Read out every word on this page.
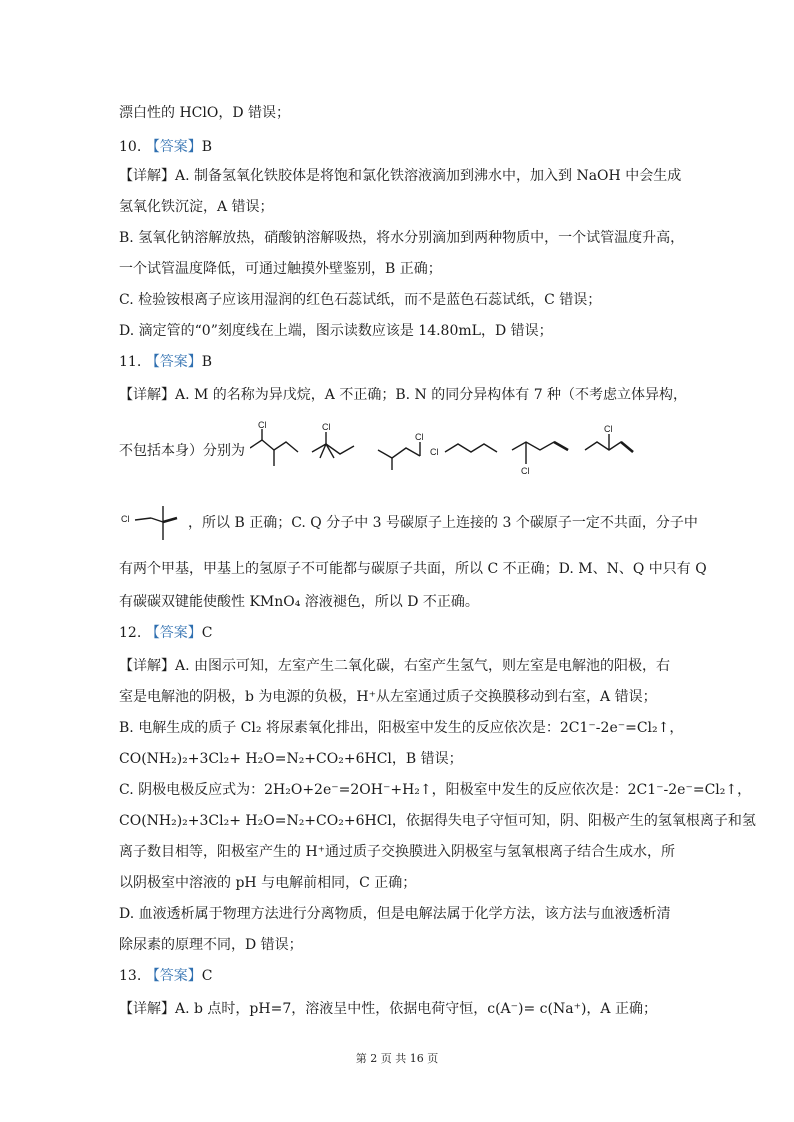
漂白性的 HClO，D 错误；
10. 【答案】B
【详解】A. 制备氢氧化铁胶体是将饱和氯化铁溶液滴加到沸水中，加入到 NaOH 中会生成
氢氧化铁沉淀，A 错误；
B. 氢氧化钠溶解放热，硝酸钠溶解吸热，将水分别滴加到两种物质中，一个试管温度升高，
一个试管温度降低，可通过触摸外壁鉴别，B 正确；
C. 检验铵根离子应该用湿润的红色石蕊试纸，而不是蓝色石蕊试纸，C 错误；
D. 滴定管的“0”刻度线在上端，图示读数应该是 14.80mL，D 错误；
11. 【答案】B
【详解】A. M 的名称为异戊烷，A 不正确；B. N 的同分异构体有 7 种（不考虑立体异构，
不包括本身）分别为
Cl	Cl
Cl
Cl
Cl
Cl
Cl	，所以 B 正确；C. Q 分子中 3 号碳原子上连接的 3 个碳原子一定不共面，分子中
有两个甲基，甲基上的氢原子不可能都与碳原子共面，所以 C 不正确；D. M、N、Q 中只有 Q
有碳碳双键能使酸性 KMnO₄ 溶液褪色，所以 D 不正确。
12. 【答案】C
【详解】A. 由图示可知，左室产生二氧化碳，右室产生氢气，则左室是电解池的阳极，右
室是电解池的阴极，b 为电源的负极，H⁺从左室通过质子交换膜移动到右室，A 错误；
B. 电解生成的质子 Cl₂ 将尿素氧化排出，阳极室中发生的反应依次是：2C1⁻-2e⁻=Cl₂↑，
CO(NH₂)₂+3Cl₂+ H₂O=N₂+CO₂+6HCl，B 错误；
C. 阴极电极反应式为：2H₂O+2e⁻=2OH⁻+H₂↑，阳极室中发生的反应依次是：2C1⁻-2e⁻=Cl₂↑，
CO(NH₂)₂+3Cl₂+ H₂O=N₂+CO₂+6HCl，依据得失电子守恒可知，阴、阳极产生的氢氧根离子和氢
离子数目相等，阳极室产生的 H⁺通过质子交换膜进入阴极室与氢氧根离子结合生成水，所
以阴极室中溶液的 pH 与电解前相同，C 正确；
D. 血液透析属于物理方法进行分离物质，但是电解法属于化学方法，该方法与血液透析清
除尿素的原理不同，D 错误；
13. 【答案】C
【详解】A. b 点时，pH=7，溶液呈中性，依据电荷守恒，c(A⁻)= c(Na⁺)，A 正确；
第 2 页 共 16 页
